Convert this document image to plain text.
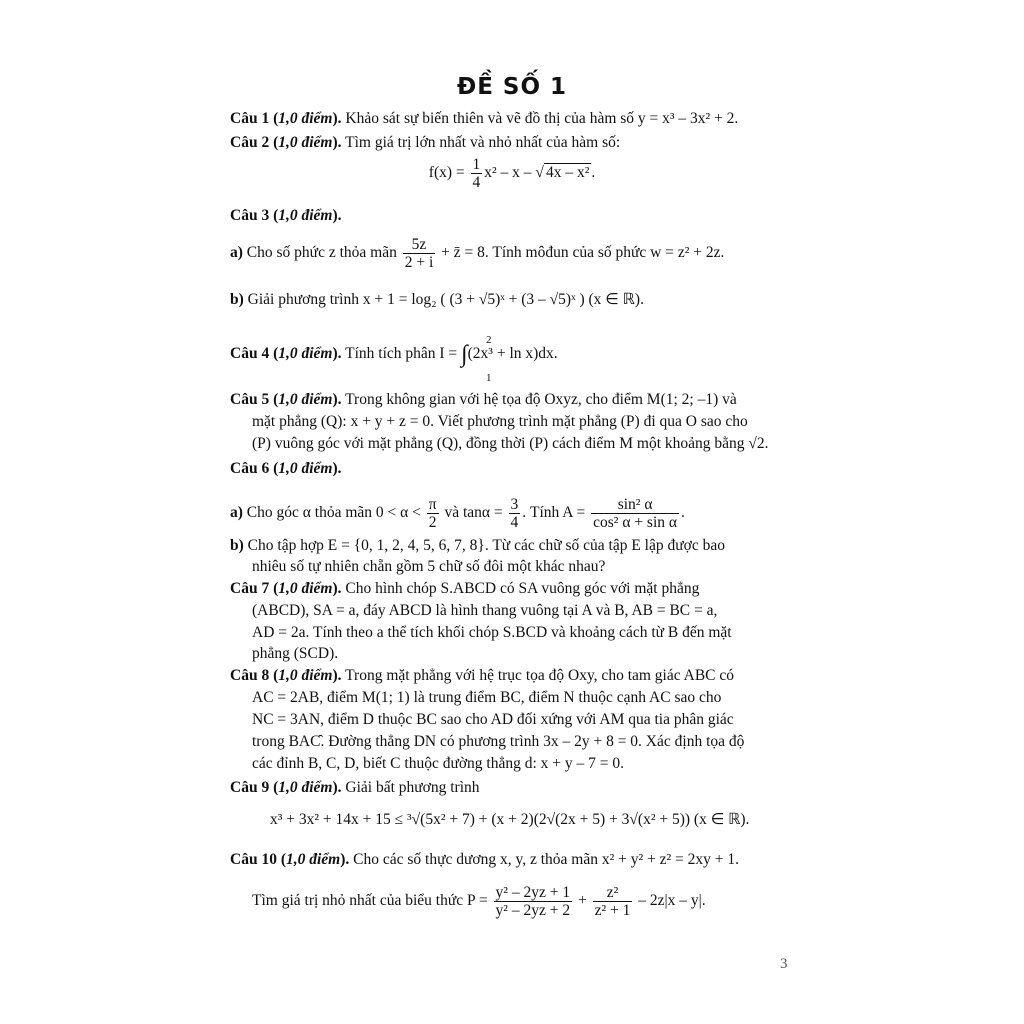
ĐỀ SỐ 1
Câu 1 (1,0 điểm). Khảo sát sự biến thiên và vẽ đồ thị của hàm số y = x³ – 3x² + 2.
Câu 2 (1,0 điểm). Tìm giá trị lớn nhất và nhỏ nhất của hàm số:
$f(x) = \frac{1}{4} x^2 - x$ – √ 4x – x² .
Câu 3 (1,0 điểm).
a) Cho số phức z thỏa mãn $\frac{5z}{2 + i}$ + z̄ = 8. Tính môđun của số phức w = z² + 2z.
b) Giải phương trình x + 1 = log₂ ( (3 + √5)ˣ + (3 – √5)ˣ ) (x ∈ ℝ).
Câu 4 (1,0 điểm). Tính tích phân I = ∫(2x³ + ln x)dx.
2
1
Câu 5 (1,0 điểm). Trong không gian với hệ tọa độ Oxyz, cho điểm M(1; 2; –1) và
mặt phẳng (Q): x + y + z = 0. Viết phương trình mặt phẳng (P) đi qua O sao cho
(P) vuông góc với mặt phẳng (Q), đồng thời (P) cách điểm M một khoảng bằng √2.
Câu 6 (1,0 điểm).
a) Cho góc α thỏa mãn $0 < \alpha < \frac{\pi}{2}$ và $\tan\alpha = \frac{3}{4}$ . Tính $A = \frac{\text{sin² α}}{\text{cos² α + sin α}}$ .
b) Cho tập hợp E = {0, 1, 2, 4, 5, 6, 7, 8}. Từ các chữ số của tập E lập được bao
nhiêu số tự nhiên chẵn gồm 5 chữ số đôi một khác nhau?
Câu 7 (1,0 điểm). Cho hình chóp S.ABCD có SA vuông góc với mặt phẳng
(ABCD), SA = a, đáy ABCD là hình thang vuông tại A và B, AB = BC = a,
AD = 2a. Tính theo a thể tích khối chóp S.BCD và khoảng cách từ B đến mặt
phẳng (SCD).
Câu 8 (1,0 điểm). Trong mặt phẳng với hệ trục tọa độ Oxy, cho tam giác ABC có
AC = 2AB, điểm M(1; 1) là trung điểm BC, điểm N thuộc cạnh AC sao cho
NC = 3AN, điểm D thuộc BC sao cho AD đối xứng với AM qua tia phân giác
trong BAC̑. Đường thẳng DN có phương trình 3x – 2y + 8 = 0. Xác định tọa độ
các đỉnh B, C, D, biết C thuộc đường thẳng d: x + y – 7 = 0.
Câu 9 (1,0 điểm). Giải bất phương trình
x³ + 3x² + 14x + 15 ≤ ³√(5x² + 7) + (x + 2)(2√(2x + 5) + 3√(x² + 5)) (x ∈ ℝ).
Câu 10 (1,0 điểm). Cho các số thực dương x, y, z thỏa mãn x² + y² + z² = 2xy + 1.
Tìm giá trị nhỏ nhất của biểu thức $P = \frac{\text{y² – 2yz + 1}}{\text{y² – 2yz + 2}} + \frac{\text{z²}}{\text{z² + 1}} - 2z|x - y|$.
3
